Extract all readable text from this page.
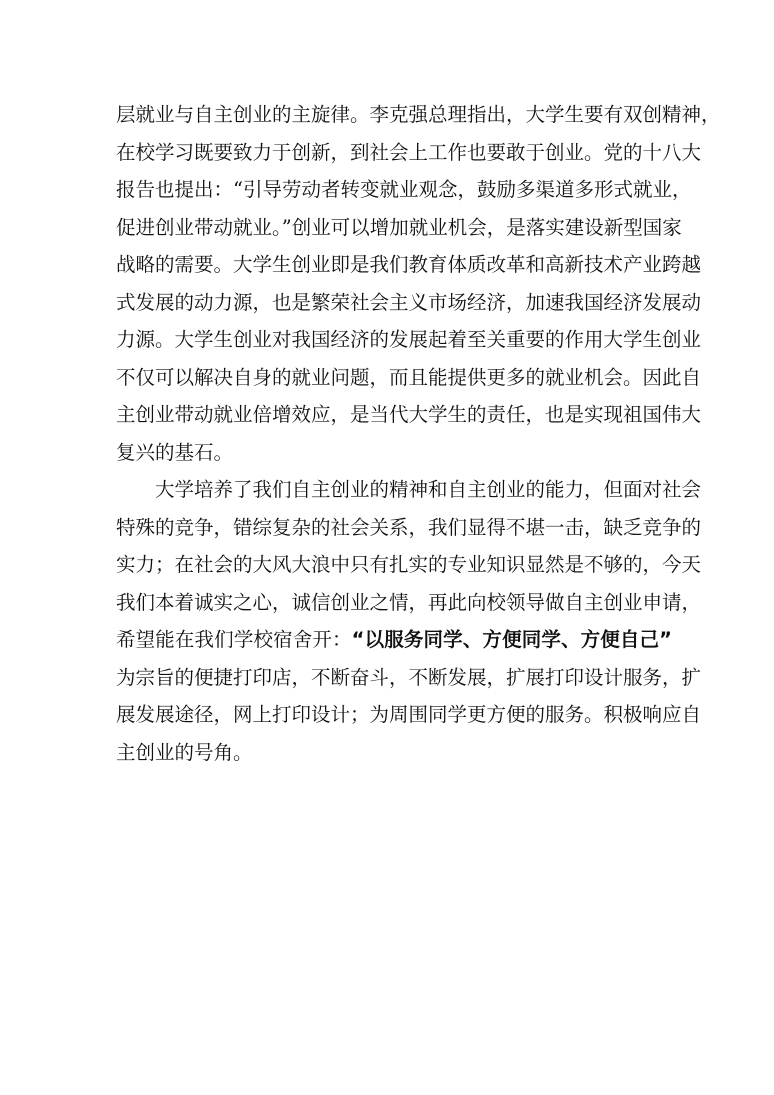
层就业与自主创业的主旋律。李克强总理指出，大学生要有双创精神，
在校学习既要致力于创新，到社会上工作也要敢于创业。党的十八大
报告也提出：“引导劳动者转变就业观念，鼓励多渠道多形式就业，
促进创业带动就业。”创业可以增加就业机会，是落实建设新型国家
战略的需要。大学生创业即是我们教育体质改革和高新技术产业跨越
式发展的动力源，也是繁荣社会主义市场经济，加速我国经济发展动
力源。大学生创业对我国经济的发展起着至关重要的作用大学生创业
不仅可以解决自身的就业问题，而且能提供更多的就业机会。因此自
主创业带动就业倍增效应，是当代大学生的责任，也是实现祖国伟大
复兴的基石。
大学培养了我们自主创业的精神和自主创业的能力，但面对社会
特殊的竞争，错综复杂的社会关系，我们显得不堪一击，缺乏竞争的
实力；在社会的大风大浪中只有扎实的专业知识显然是不够的，今天
我们本着诚实之心，诚信创业之情，再此向校领导做自主创业申请，
希望能在我们学校宿舍开：“以服务同学、方便同学、方便自己”
为宗旨的便捷打印店，不断奋斗，不断发展，扩展打印设计服务，扩
展发展途径，网上打印设计；为周围同学更方便的服务。积极响应自
主创业的号角。
